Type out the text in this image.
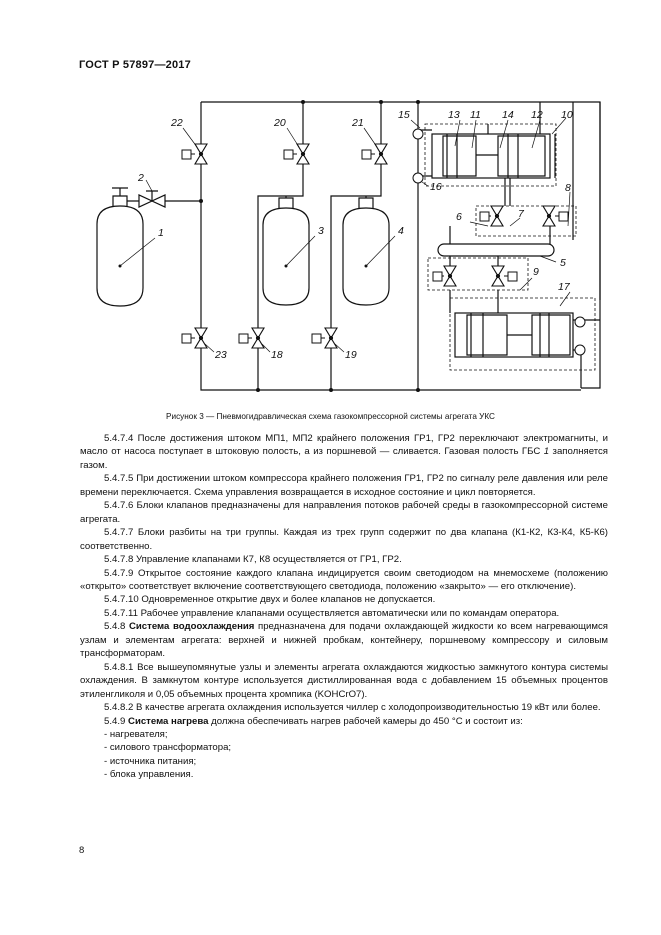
ГОСТ Р 57897—2017
1
2
3	4
5
6	7
8
9
10
11	12
13	14
15
16
17
18	19
20	21
22
23
Рисунок 3 — Пневмогидравлическая схема газокомпрессорной системы агрегата УКС

5.4.7.4 После достижения штоком МП1, МП2 крайнего положения ГР1, ГР2 переключают электромагниты, и масло от насоса поступает в штоковую полость, а из поршневой — сливается. Газовая полость ГБС 1 заполняется газом.

5.4.7.5 При достижении штоком компрессора крайнего положения ГР1, ГР2 по сигналу реле давления или реле времени переключается. Схема управления возвращается в исходное состояние и цикл повторяется.

5.4.7.6 Блоки клапанов предназначены для направления потоков рабочей среды в газокомпрессорной системе агрегата.

5.4.7.7 Блоки разбиты на три группы. Каждая из трех групп содержит по два клапана (К1-К2, К3-К4, К5-К6) соответственно.

5.4.7.8 Управление клапанами К7, К8 осуществляется от ГР1, ГР2.

5.4.7.9 Открытое состояние каждого клапана индицируется своим светодиодом на мнемосхеме (положению «открыто» соответствует включение соответствующего светодиода, положению «закрыто» — его отключение).

5.4.7.10 Одновременное открытие двух и более клапанов не допускается.

5.4.7.11 Рабочее управление клапанами осуществляется автоматически или по командам оператора.

5.4.8 Система водоохлаждения предназначена для подачи охлаждающей жидкости ко всем нагревающимся узлам и элементам агрегата: верхней и нижней пробкам, контейнеру, поршневому компрессору и силовым трансформаторам.

5.4.8.1 Все вышеупомянутые узлы и элементы агрегата охлаждаются жидкостью замкнутого контура системы охлаждения. В замкнутом контуре используется дистиллированная вода с добавлением 15 объемных процентов этиленгликоля и 0,05 объемных процента хромпика (KОНCrO7).

5.4.8.2 В качестве агрегата охлаждения используется чиллер с холодопроизводительностью 19 кВт или более.

5.4.9 Система нагрева должна обеспечивать нагрев рабочей камеры до 450 °С и состоит из:

- нагревателя;

- силового трансформатора;

- источника питания;

- блока управления.

8
